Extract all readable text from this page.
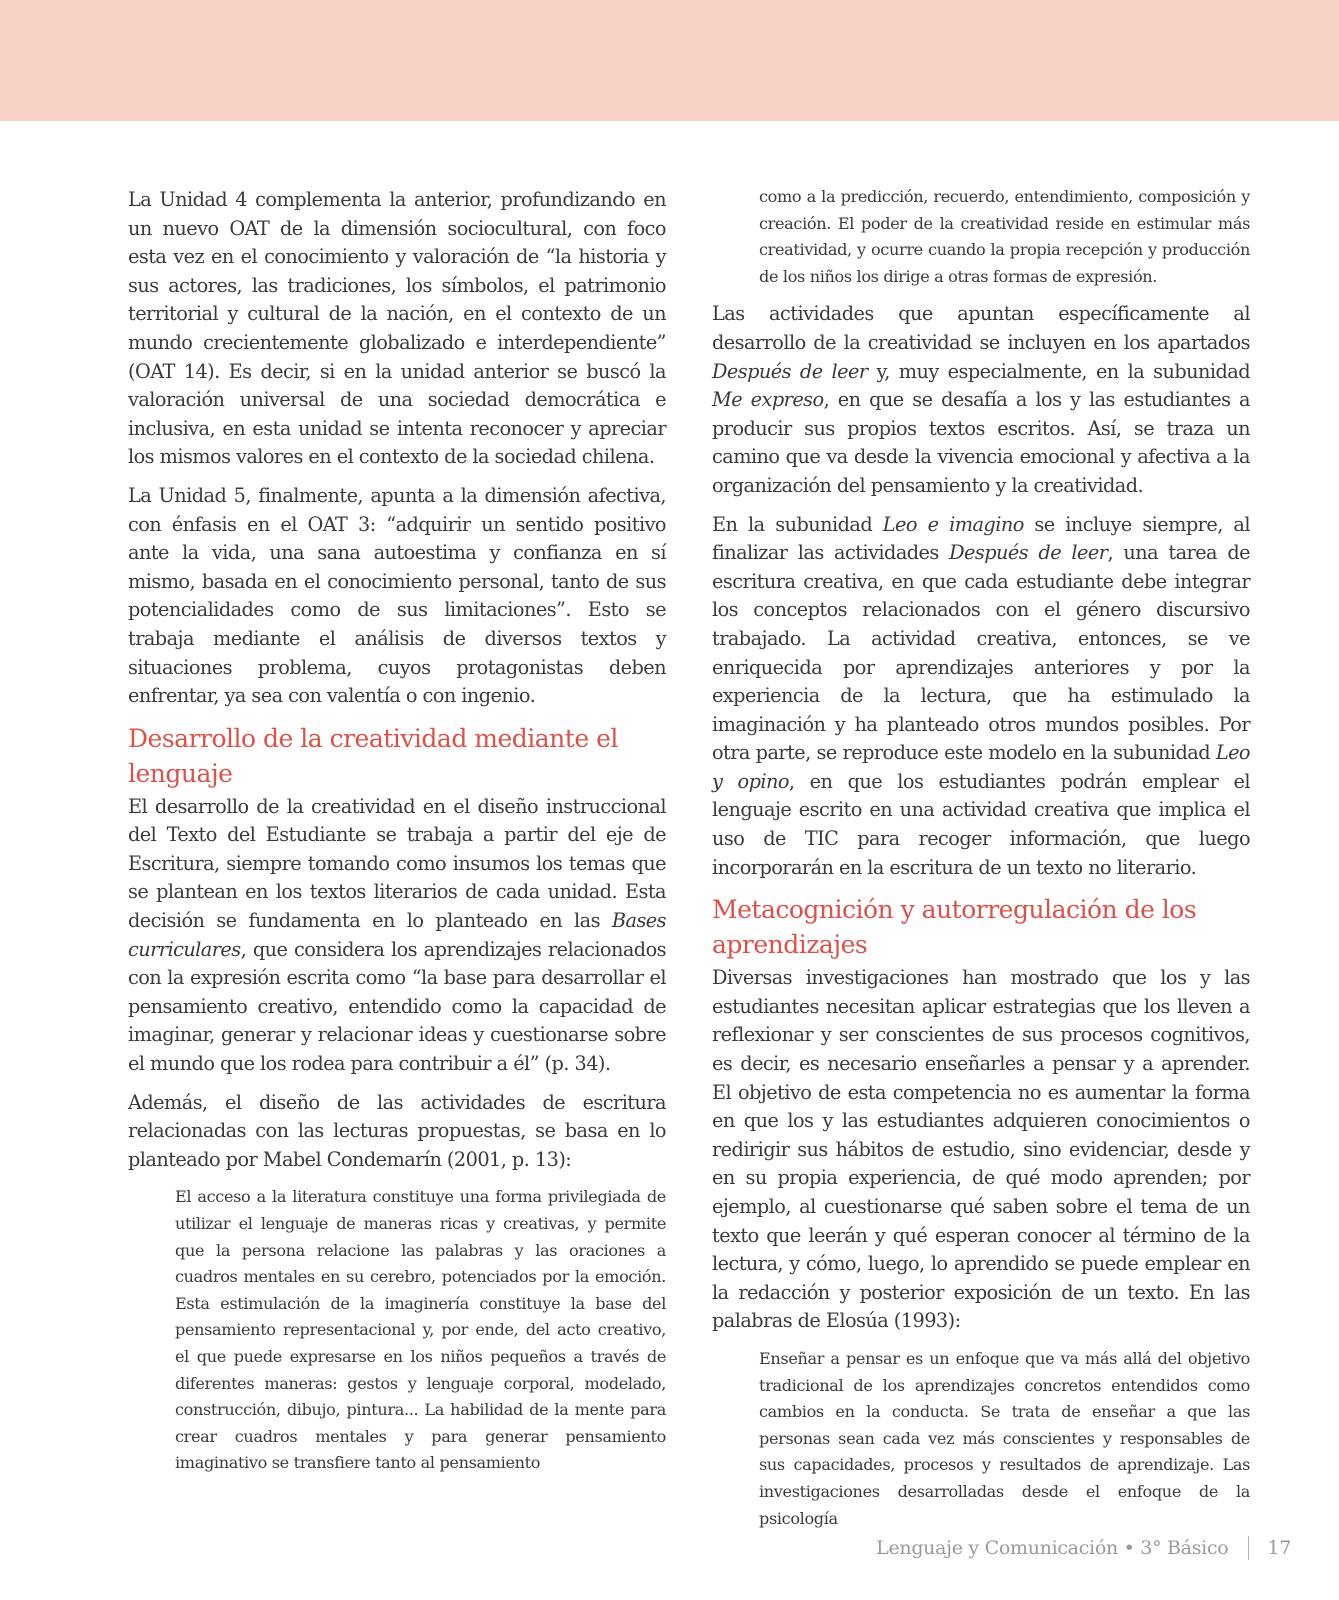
La Unidad 4 complementa la anterior, profundizando en un nuevo OAT de la dimensión sociocultural, con foco esta vez en el conocimiento y valoración de “la historia y sus actores, las tradiciones, los símbolos, el patrimonio territorial y cultural de la nación, en el contexto de un mundo crecientemente globalizado e interdependiente” (OAT 14). Es decir, si en la unidad anterior se buscó la valoración universal de una sociedad democrática e inclusiva, en esta unidad se intenta reconocer y apreciar los mismos valores en el contexto de la sociedad chilena.

La Unidad 5, finalmente, apunta a la dimensión afectiva, con énfasis en el OAT 3: “adquirir un sentido positivo ante la vida, una sana autoestima y confianza en sí mismo, basada en el conocimiento personal, tanto de sus potencialidades como de sus limitaciones”. Esto se trabaja mediante el análisis de diversos textos y situaciones problema, cuyos protagonistas deben enfrentar, ya sea con valentía o con ingenio.

Desarrollo de la creatividad mediante el lenguaje

El desarrollo de la creatividad en el diseño instruccional del Texto del Estudiante se trabaja a partir del eje de Escritura, siempre tomando como insumos los temas que se plantean en los textos literarios de cada unidad. Esta decisión se fundamenta en lo planteado en las Bases curriculares, que considera los aprendizajes relacionados con la expresión escrita como “la base para desarrollar el pensamiento creativo, entendido como la capacidad de imaginar, generar y relacionar ideas y cuestionarse sobre el mundo que los rodea para contribuir a él” (p. 34).

Además, el diseño de las actividades de escritura relacionadas con las lecturas propuestas, se basa en lo planteado por Mabel Condemarín (2001, p. 13):

El acceso a la literatura constituye una forma privilegiada de utilizar el lenguaje de maneras ricas y creativas, y permite que la persona relacione las palabras y las oraciones a cuadros mentales en su cerebro, potenciados por la emoción. Esta estimulación de la imaginería constituye la base del pensamiento representacional y, por ende, del acto creativo, el que puede expresarse en los niños pequeños a través de diferentes maneras: gestos y lenguaje corporal, modelado, construcción, dibujo, pintura... La habilidad de la mente para crear cuadros mentales y para generar pensamiento imaginativo se transfiere tanto al pensamiento

como a la predicción, recuerdo, entendimiento, composición y creación. El poder de la creatividad reside en estimular más creatividad, y ocurre cuando la propia recepción y producción de los niños los dirige a otras formas de expresión.

Las actividades que apuntan específicamente al desarrollo de la creatividad se incluyen en los apartados Después de leer y, muy especialmente, en la subunidad Me expreso, en que se desafía a los y las estudiantes a producir sus propios textos escritos. Así, se traza un camino que va desde la vivencia emocional y afectiva a la organización del pensamiento y la creatividad.

En la subunidad Leo e imagino se incluye siempre, al finalizar las actividades Después de leer, una tarea de escritura creativa, en que cada estudiante debe integrar los conceptos relacionados con el género discursivo trabajado. La actividad creativa, entonces, se ve enriquecida por aprendizajes anteriores y por la experiencia de la lectura, que ha estimulado la imaginación y ha planteado otros mundos posibles. Por otra parte, se reproduce este modelo en la subunidad Leo y opino, en que los estudiantes podrán emplear el lenguaje escrito en una actividad creativa que implica el uso de TIC para recoger información, que luego incorporarán en la escritura de un texto no literario.

Metacognición y autorregulación de los aprendizajes

Diversas investigaciones han mostrado que los y las estudiantes necesitan aplicar estrategias que los lleven a reflexionar y ser conscientes de sus procesos cognitivos, es decir, es necesario enseñarles a pensar y a aprender. El objetivo de esta competencia no es aumentar la forma en que los y las estudiantes adquieren conocimientos o redirigir sus hábitos de estudio, sino evidenciar, desde y en su propia experiencia, de qué modo aprenden; por ejemplo, al cuestionarse qué saben sobre el tema de un texto que leerán y qué esperan conocer al término de la lectura, y cómo, luego, lo aprendido se puede emplear en la redacción y posterior exposición de un texto. En las palabras de Elosúa (1993):

Enseñar a pensar es un enfoque que va más allá del objetivo tradicional de los aprendizajes concretos entendidos como cambios en la conducta. Se trata de enseñar a que las personas sean cada vez más conscientes y responsables de sus capacidades, procesos y resultados de aprendizaje. Las investigaciones desarrolladas desde el enfoque de la psicología

Lenguaje y Comunicación • 3° Básico 17
